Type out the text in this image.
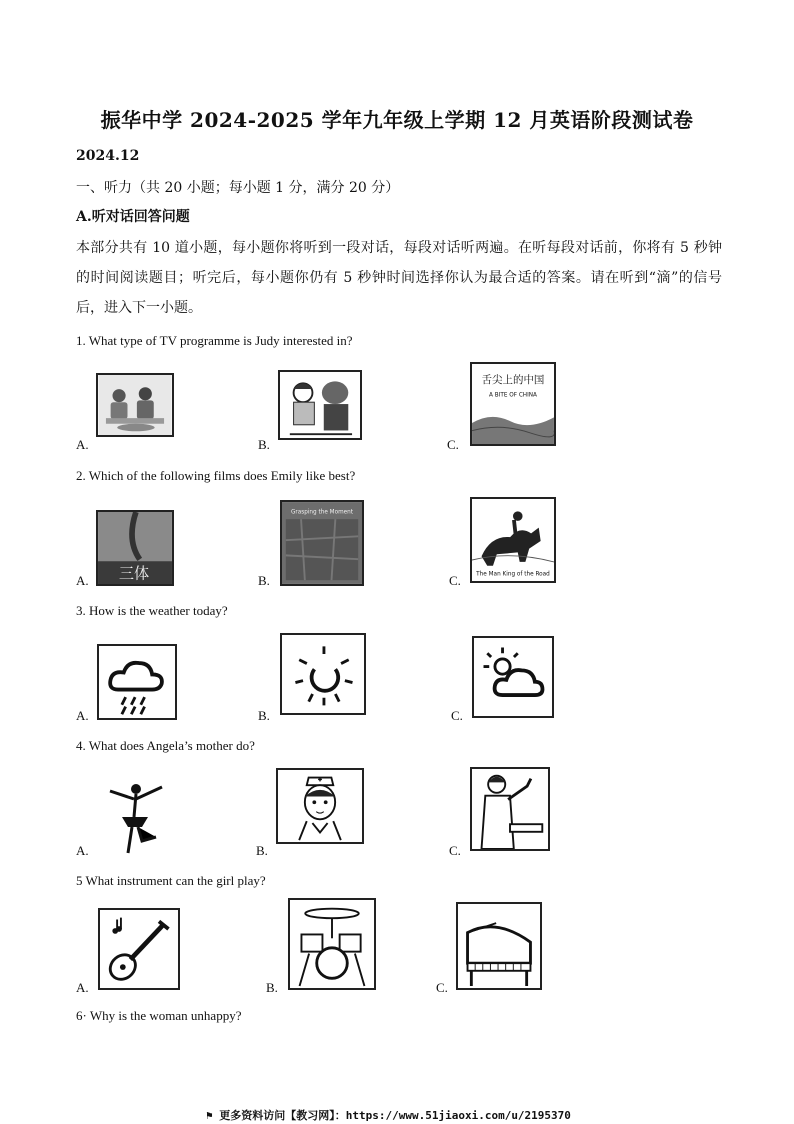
振华中学 2024-2025 学年九年级上学期 12 月英语阶段测试卷
2024.12
一、听力（共 20 小题；每小题 1 分，满分 20 分）
A.听对话回答问题
本部分共有 10 道小题，每小题你将听到一段对话，每段对话听两遍。在听每段对话前，你将有 5 秒钟的时间阅读题目；听完后，每小题你仍有 5 秒钟时间选择你认为最合适的答案。请在听到“滴”的信号后，进入下一小题。
1. What type of TV programme is Judy interested in?
A.	B.	C.
舌尖上的中国
A BITE OF CHINA
2. Which of the following films does Emily like best?
A.	B.	C.
三体
Grasping the Moment
The Man King of the Road
3. How is the weather today?
A.	B.	C.
4. What does Angela’s mother do?
A.	B.	C.
5 What instrument can the girl play?
A.	B.	C.
6· Why is the woman unhappy?
⚑ 更多资料访问【教习网】：https://www.51jiaoxi.com/u/2195370
